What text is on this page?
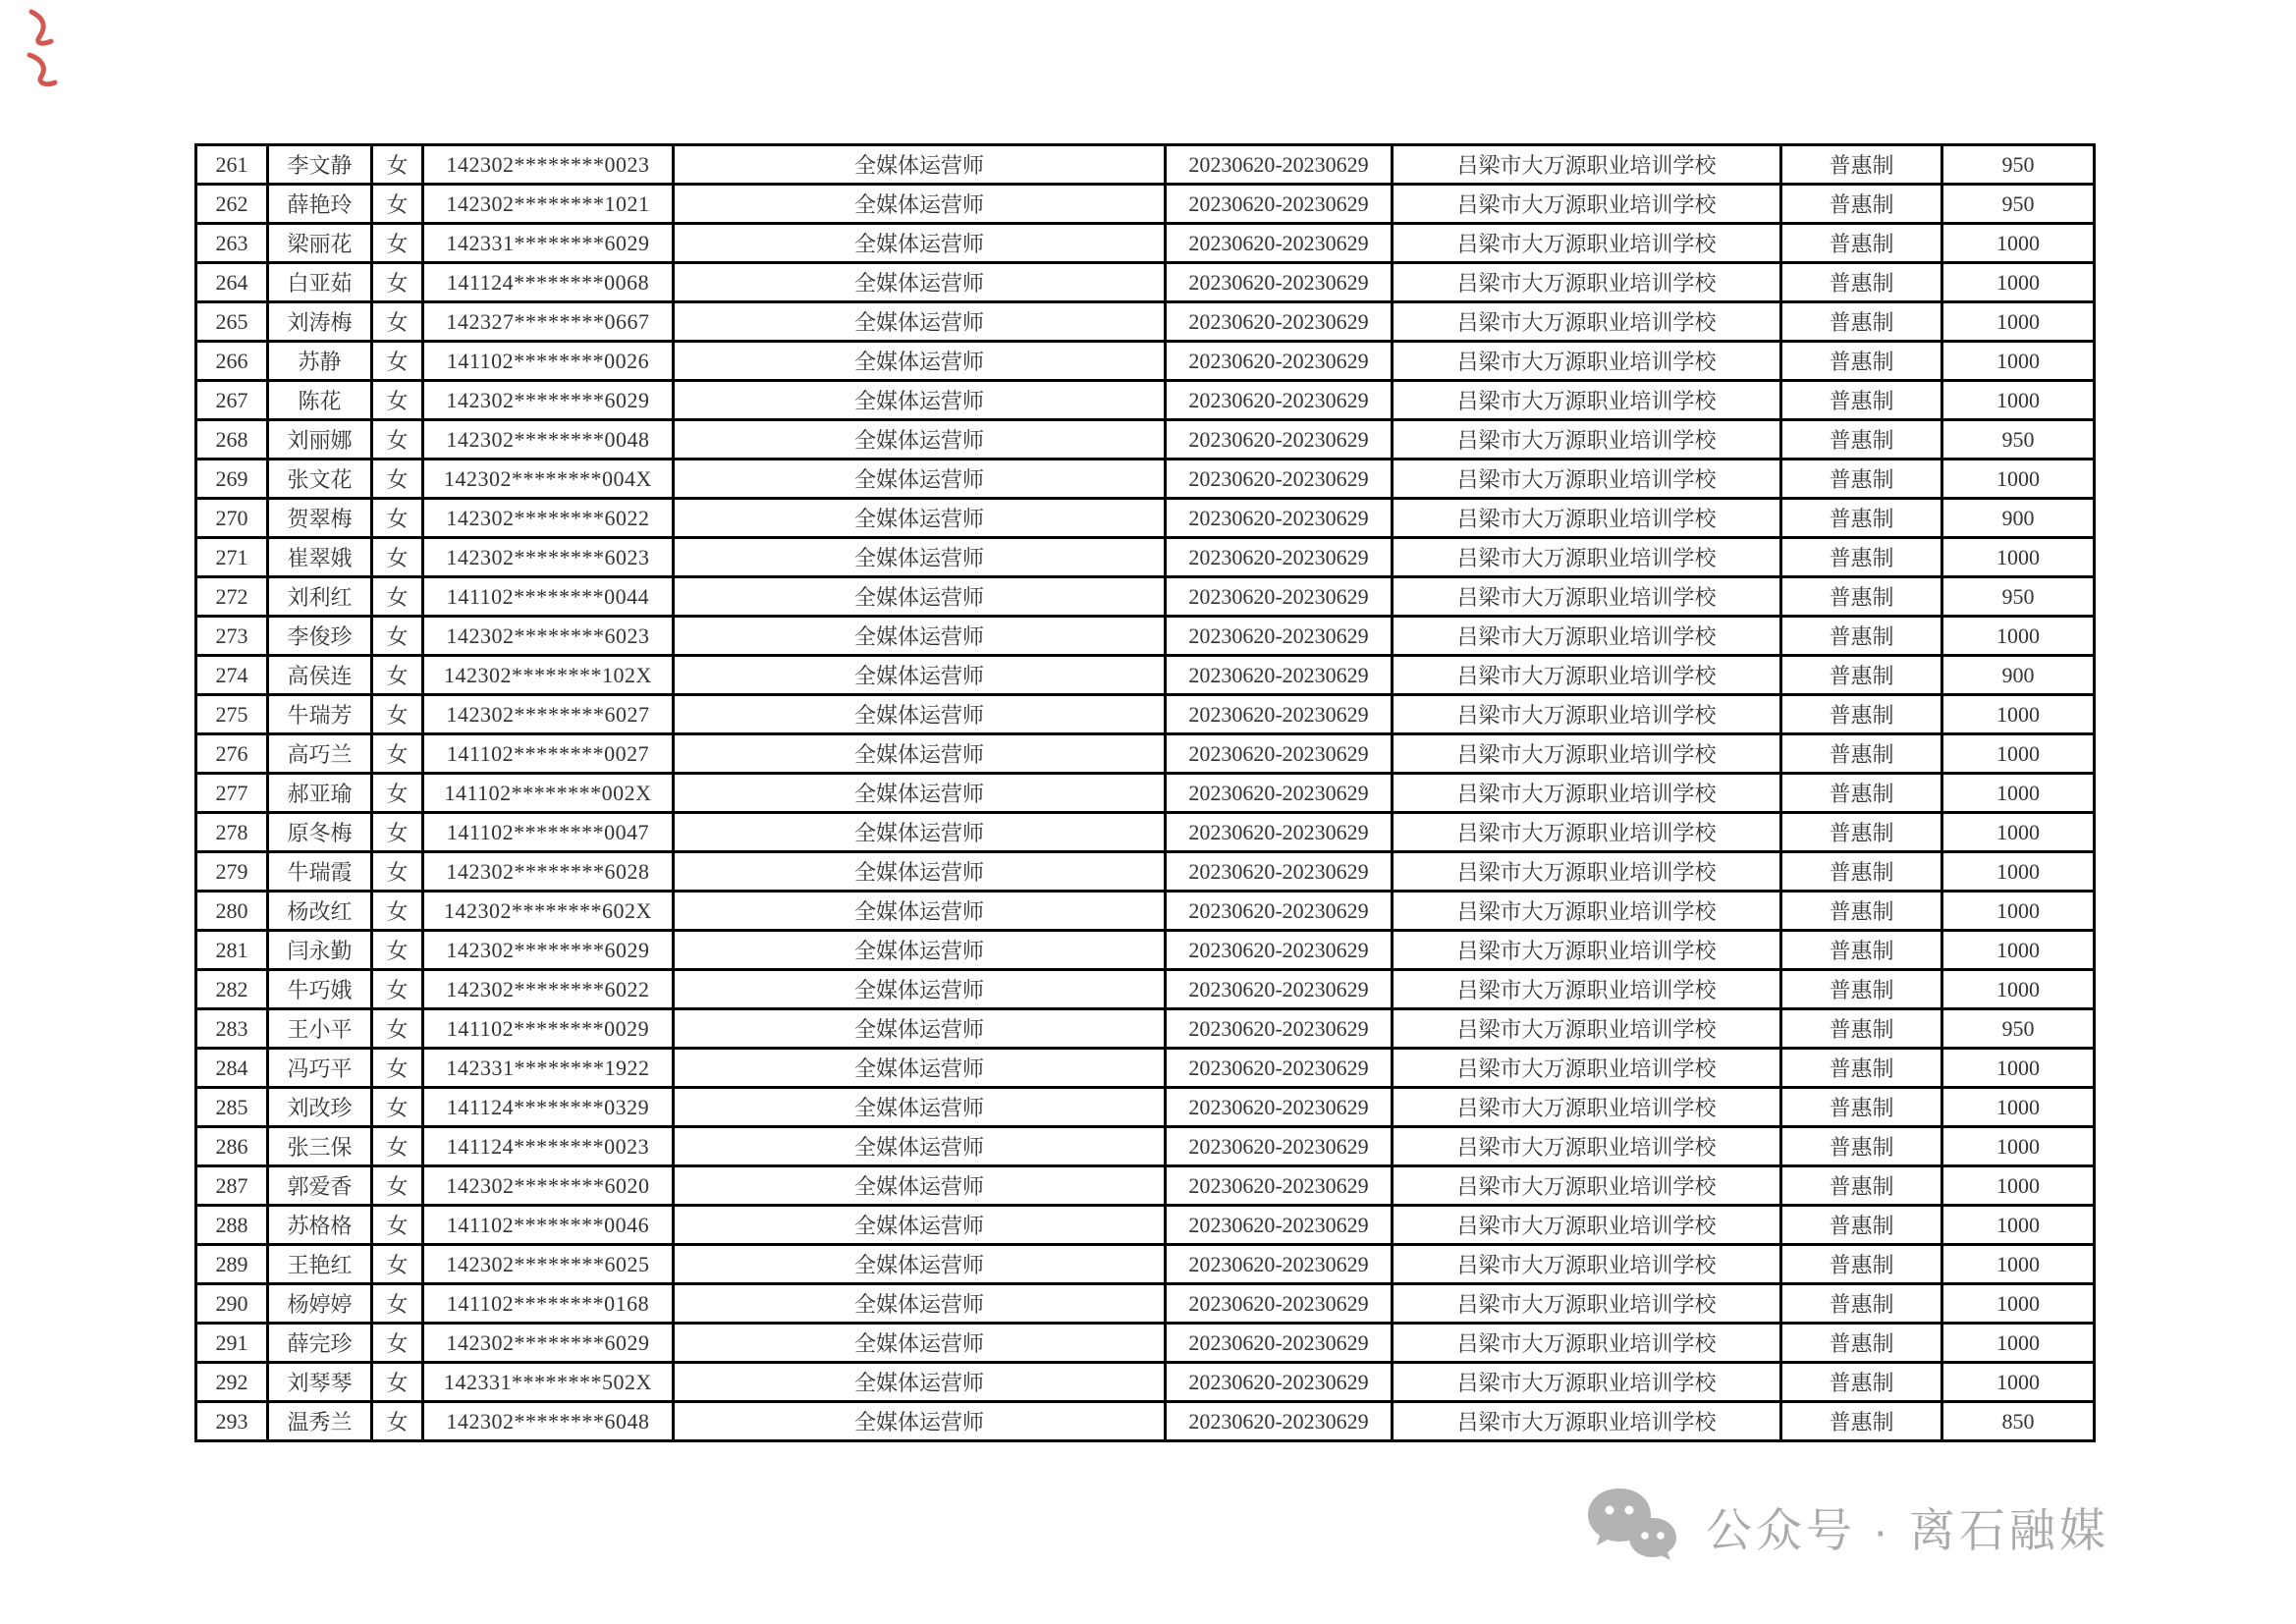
261	李文静	女	142302********0023	全媒体运营师	20230620-20230629	吕梁市大万源职业培训学校	普惠制	950
262	薛艳玲	女	142302********1021	全媒体运营师	20230620-20230629	吕梁市大万源职业培训学校	普惠制	950
263	梁丽花	女	142331********6029	全媒体运营师	20230620-20230629	吕梁市大万源职业培训学校	普惠制	1000
264	白亚茹	女	141124********0068	全媒体运营师	20230620-20230629	吕梁市大万源职业培训学校	普惠制	1000
265	刘涛梅	女	142327********0667	全媒体运营师	20230620-20230629	吕梁市大万源职业培训学校	普惠制	1000
266	苏静	女	141102********0026	全媒体运营师	20230620-20230629	吕梁市大万源职业培训学校	普惠制	1000
267	陈花	女	142302********6029	全媒体运营师	20230620-20230629	吕梁市大万源职业培训学校	普惠制	1000
268	刘丽娜	女	142302********0048	全媒体运营师	20230620-20230629	吕梁市大万源职业培训学校	普惠制	950
269	张文花	女	142302********004X	全媒体运营师	20230620-20230629	吕梁市大万源职业培训学校	普惠制	1000
270	贺翠梅	女	142302********6022	全媒体运营师	20230620-20230629	吕梁市大万源职业培训学校	普惠制	900
271	崔翠娥	女	142302********6023	全媒体运营师	20230620-20230629	吕梁市大万源职业培训学校	普惠制	1000
272	刘利红	女	141102********0044	全媒体运营师	20230620-20230629	吕梁市大万源职业培训学校	普惠制	950
273	李俊珍	女	142302********6023	全媒体运营师	20230620-20230629	吕梁市大万源职业培训学校	普惠制	1000
274	高侯连	女	142302********102X	全媒体运营师	20230620-20230629	吕梁市大万源职业培训学校	普惠制	900
275	牛瑞芳	女	142302********6027	全媒体运营师	20230620-20230629	吕梁市大万源职业培训学校	普惠制	1000
276	高巧兰	女	141102********0027	全媒体运营师	20230620-20230629	吕梁市大万源职业培训学校	普惠制	1000
277	郝亚瑜	女	141102********002X	全媒体运营师	20230620-20230629	吕梁市大万源职业培训学校	普惠制	1000
278	原冬梅	女	141102********0047	全媒体运营师	20230620-20230629	吕梁市大万源职业培训学校	普惠制	1000
279	牛瑞霞	女	142302********6028	全媒体运营师	20230620-20230629	吕梁市大万源职业培训学校	普惠制	1000
280	杨改红	女	142302********602X	全媒体运营师	20230620-20230629	吕梁市大万源职业培训学校	普惠制	1000
281	闫永勤	女	142302********6029	全媒体运营师	20230620-20230629	吕梁市大万源职业培训学校	普惠制	1000
282	牛巧娥	女	142302********6022	全媒体运营师	20230620-20230629	吕梁市大万源职业培训学校	普惠制	1000
283	王小平	女	141102********0029	全媒体运营师	20230620-20230629	吕梁市大万源职业培训学校	普惠制	950
284	冯巧平	女	142331********1922	全媒体运营师	20230620-20230629	吕梁市大万源职业培训学校	普惠制	1000
285	刘改珍	女	141124********0329	全媒体运营师	20230620-20230629	吕梁市大万源职业培训学校	普惠制	1000
286	张三保	女	141124********0023	全媒体运营师	20230620-20230629	吕梁市大万源职业培训学校	普惠制	1000
287	郭爱香	女	142302********6020	全媒体运营师	20230620-20230629	吕梁市大万源职业培训学校	普惠制	1000
288	苏格格	女	141102********0046	全媒体运营师	20230620-20230629	吕梁市大万源职业培训学校	普惠制	1000
289	王艳红	女	142302********6025	全媒体运营师	20230620-20230629	吕梁市大万源职业培训学校	普惠制	1000
290	杨婷婷	女	141102********0168	全媒体运营师	20230620-20230629	吕梁市大万源职业培训学校	普惠制	1000
291	薛完珍	女	142302********6029	全媒体运营师	20230620-20230629	吕梁市大万源职业培训学校	普惠制	1000
292	刘琴琴	女	142331********502X	全媒体运营师	20230620-20230629	吕梁市大万源职业培训学校	普惠制	1000
293	温秀兰	女	142302********6048	全媒体运营师	20230620-20230629	吕梁市大万源职业培训学校	普惠制	850
公众号 · 离石融媒
